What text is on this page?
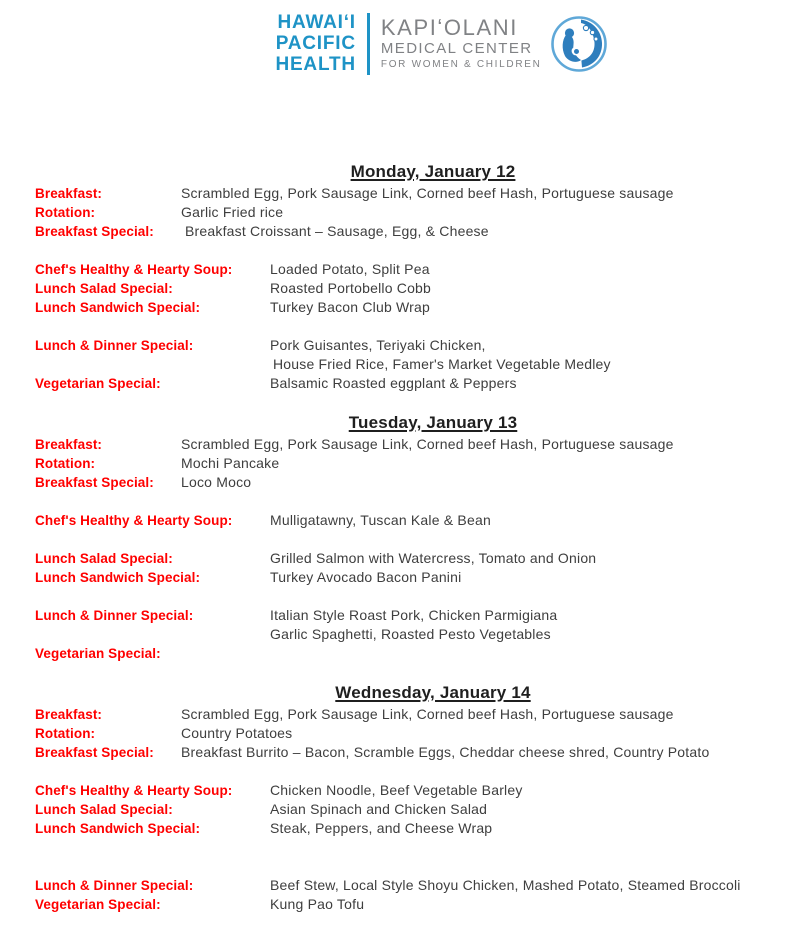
HAWAIʻI
PACIFIC
HEALTH
KAPIʻOLANI
MEDICAL CENTER
FOR WOMEN & CHILDREN
Monday, January 12
Breakfast:	Scrambled Egg, Pork Sausage Link, Corned beef Hash, Portuguese sausage
Rotation:	Garlic Fried rice
Breakfast Special: Breakfast Croissant – Sausage, Egg, & Cheese
Chef's Healthy & Hearty Soup:	Loaded Potato, Split Pea
Lunch Salad Special:	Roasted Portobello Cobb
Lunch Sandwich Special:	Turkey Bacon Club Wrap
Lunch & Dinner Special:	Pork Guisantes, Teriyaki Chicken,
House Fried Rice, Famer's Market Vegetable Medley
Vegetarian Special:	Balsamic Roasted eggplant & Peppers
Tuesday, January 13
Breakfast:	Scrambled Egg, Pork Sausage Link, Corned beef Hash, Portuguese sausage
Rotation:	Mochi Pancake
Breakfast Special: Loco Moco
Chef's Healthy & Hearty Soup:	Mulligatawny, Tuscan Kale & Bean
Lunch Salad Special:	Grilled Salmon with Watercress, Tomato and Onion
Lunch Sandwich Special:	Turkey Avocado Bacon Panini
Lunch & Dinner Special:	Italian Style Roast Pork, Chicken Parmigiana
Garlic Spaghetti, Roasted Pesto Vegetables
Vegetarian Special:
Wednesday, January 14
Breakfast:	Scrambled Egg, Pork Sausage Link, Corned beef Hash, Portuguese sausage
Rotation:	Country Potatoes
Breakfast Special: Breakfast Burrito – Bacon, Scramble Eggs, Cheddar cheese shred, Country Potato
Chef's Healthy & Hearty Soup:	Chicken Noodle, Beef Vegetable Barley
Lunch Salad Special:	Asian Spinach and Chicken Salad
Lunch Sandwich Special:	Steak, Peppers, and Cheese Wrap
Lunch & Dinner Special:	Beef Stew, Local Style Shoyu Chicken, Mashed Potato, Steamed Broccoli
Vegetarian Special:	Kung Pao Tofu
